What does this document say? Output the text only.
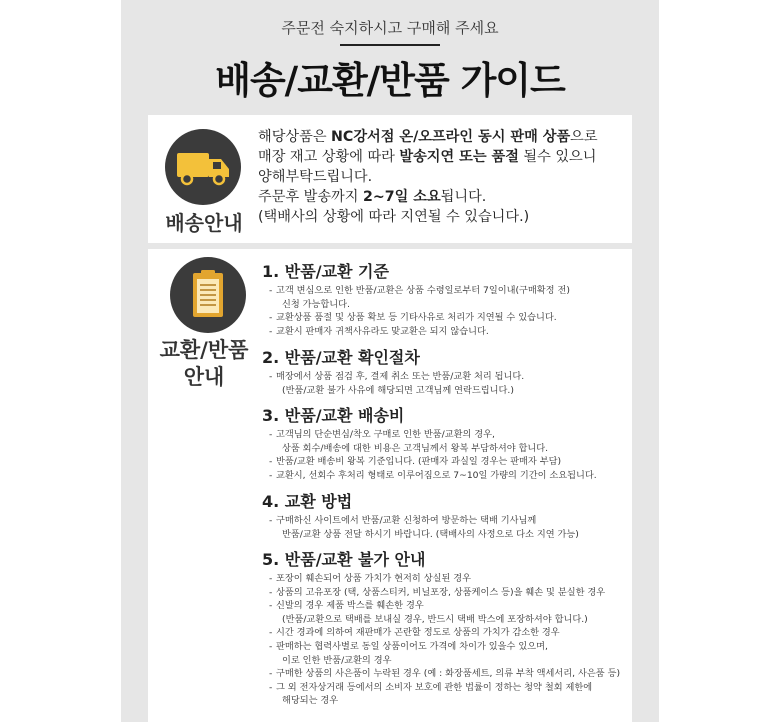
주문전 숙지하시고 구매해 주세요
배송/교환/반품 가이드
배송안내
해당상품은 NC강서점 온/오프라인 동시 판매 상품으로
매장 재고 상황에 따라 발송지연 또는 품절 될수 있으니
양해부탁드립니다.
주문후 발송까지 2~7일 소요됩니다.
(택배사의 상황에 따라 지연될 수 있습니다.)
교환/반품
안내
1. 반품/교환 기준
- 고객 변심으로 인한 반품/교환은 상품 수령일로부터 7일이내(구매확정 전)
신청 가능합니다.
- 교환상품 품절 및 상품 확보 등 기타사유로 처리가 지연될 수 있습니다.
- 교환시 판매자 귀책사유라도 맞교환은 되지 않습니다.
2. 반품/교환 확인절차
- 매장에서 상품 점검 후, 결제 취소 또는 반품/교환 처리 됩니다.
(반품/교환 불가 사유에 해당되면 고객님께 연락드립니다.)
3. 반품/교환 배송비
- 고객님의 단순변심/착오 구매로 인한 반품/교환의 경우,
상품 회수/배송에 대한 비용은 고객님께서 왕복 부담하셔야 합니다.
- 반품/교환 배송비 왕복 기준입니다. (판매자 과실일 경우는 판매자 부담)
- 교환시, 선회수 후처리 형태로 이루어짐으로 7~10일 가량의 기간이 소요됩니다.
4. 교환 방법
- 구매하신 사이트에서 반품/교환 신청하여 방문하는 택배 기사님께
반품/교환 상품 전달 하시기 바랍니다. (택배사의 사정으로 다소 지연 가능)
5. 반품/교환 불가 안내
- 포장이 훼손되어 상품 가치가 현저히 상실된 경우
- 상품의 고유포장 (택, 상품스티커, 비닐포장, 상품케이스 등)을 훼손 및 분실한 경우
- 신발의 경우 제품 박스를 훼손한 경우
(반품/교환으로 택배를 보내실 경우, 반드시 택배 박스에 포장하셔야 합니다.)
- 시간 경과에 의하여 재판매가 곤란할 정도로 상품의 가치가 감소한 경우
- 판매하는 협력사별로 동일 상품이어도 가격에 차이가 있을수 있으며,
이로 인한 반품/교환의 경우
- 구매한 상품의 사은품이 누락된 경우 (예 : 화장품세트, 의류 부착 액세서리, 사은품 등)
- 그 외 전자상거래 등에서의 소비자 보호에 관한 법률이 정하는 청약 철회 제한에
해당되는 경우
